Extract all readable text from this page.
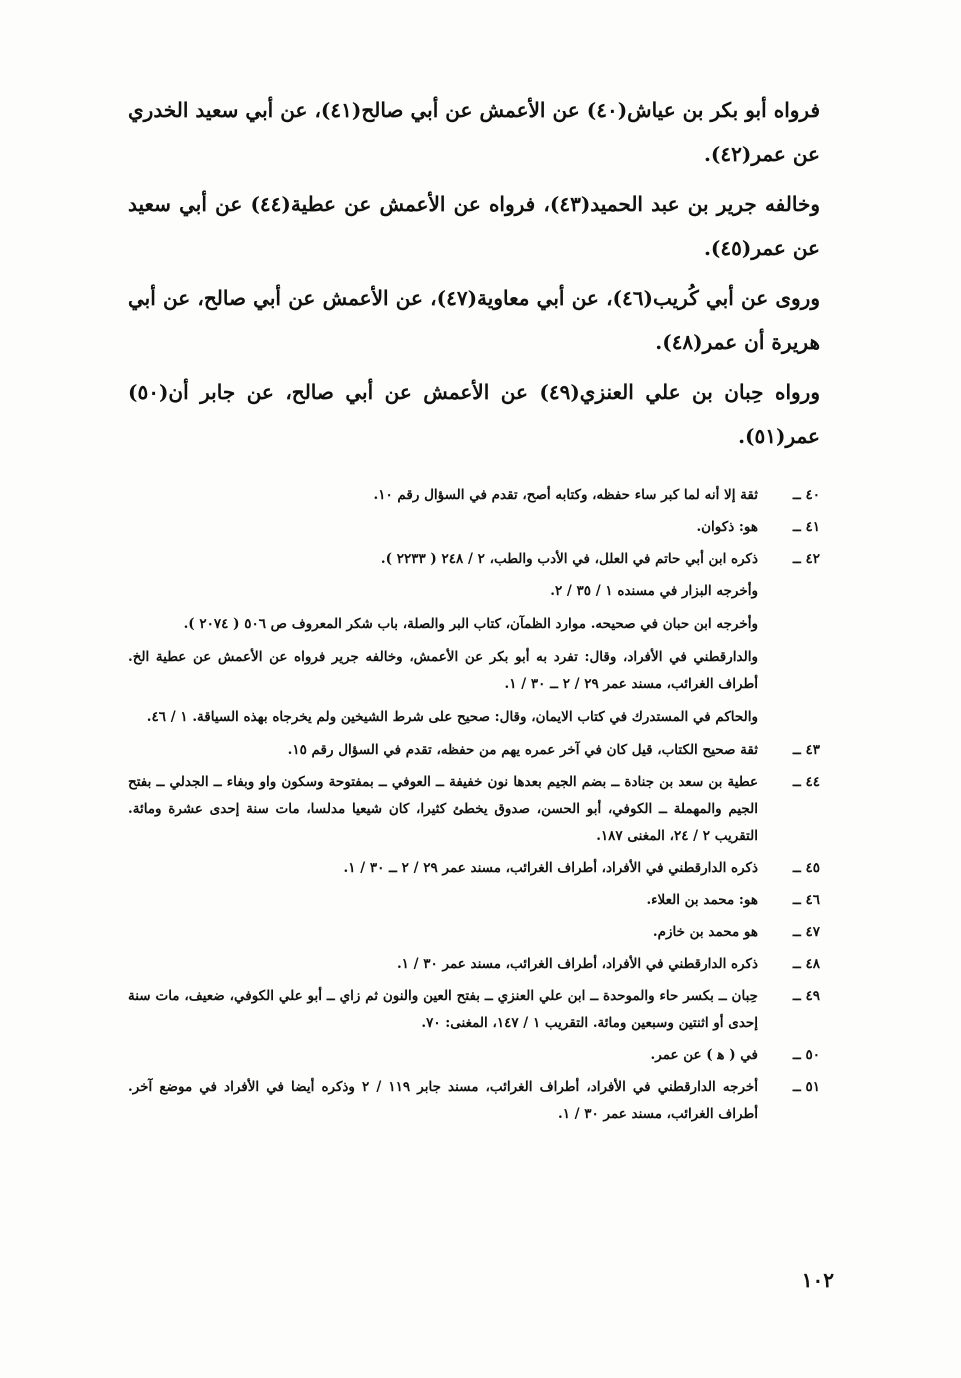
فرواه أبو بكر بن عياش(٤٠) عن الأعمش عن أبي صالح(٤١)، عن أبي سعيد الخدري عن عمر(٤٢).

وخالفه جرير بن عبد الحميد(٤٣)، فرواه عن الأعمش عن عطية(٤٤) عن أبي سعيد عن عمر(٤٥).

وروى عن أبي كُريب(٤٦)، عن أبي معاوية(٤٧)، عن الأعمش عن أبي صالح، عن أبي هريرة أن عمر(٤٨).

ورواه حِبان بن علي العنزي(٤٩) عن الأعمش عن أبي صالح، عن جابر أن(٥٠) عمر(٥١).

٤٠ ــ
ثقة إلا أنه لما كبر ساء حفظه، وكتابه أصح، تقدم في السؤال رقم ١٠.
٤١ ــ
هو: ذكوان.
٤٢ ــ
ذكره ابن أبي حاتم في العلل، في الأدب والطب، ٢ / ٢٤٨ ( ٢٢٣٣ ).
وأخرجه البزار في مسنده ١ / ٣٥ / ٢.
وأخرجه ابن حبان في صحيحه. موارد الظمآن، كتاب البر والصلة، باب شكر المعروف ص ٥٠٦ ( ٢٠٧٤ ).
والدارقطني في الأفراد، وقال: تفرد به أبو بكر عن الأعمش، وخالفه جرير فرواه عن الأعمش عن عطية الخ. أطراف الغرائب، مسند عمر ٢٩ / ٢ ــ ٣٠ / ١.
والحاكم في المستدرك في كتاب الايمان، وقال: صحيح على شرط الشيخين ولم يخرجاه بهذه السياقة. ١ / ٤٦.
٤٣ ــ
ثقة صحيح الكتاب، قيل كان في آخر عمره يهم من حفظه، تقدم في السؤال رقم ١٥.
٤٤ ــ
عطية بن سعد بن جنادة ــ بضم الجيم بعدها نون خفيفة ــ العوفي ــ بمفتوحة وسكون واو وبفاء ــ الجدلي ــ بفتح الجيم والمهملة ــ الكوفي، أبو الحسن، صدوق يخطئ كثيرا، كان شيعيا مدلسا، مات سنة إحدى عشرة ومائة. التقريب ٢ / ٢٤، المغنى ١٨٧.
٤٥ ــ
ذكره الدارقطني في الأفراد، أطراف الغرائب، مسند عمر ٢٩ / ٢ ــ ٣٠ / ١.
٤٦ ــ
هو: محمد بن العلاء.
٤٧ ــ
هو محمد بن خازم.
٤٨ ــ
ذكره الدارقطني في الأفراد، أطراف الغرائب، مسند عمر ٣٠ / ١.
٤٩ ــ
حِبان ــ بكسر حاء والموحدة ــ ابن علي العنزي ــ بفتح العين والنون ثم زاي ــ أبو علي الكوفي، ضعيف، مات سنة إحدى أو اثنتين وسبعين ومائة. التقريب ١ / ١٤٧، المغنى: ٧٠.
٥٠ ــ
في ( ﻫ ) عن عمر.
٥١ ــ
أخرجه الدارقطني في الأفراد، أطراف الغرائب، مسند جابر ١١٩ / ٢ وذكره أيضا في الأفراد في موضع آخر. أطراف الغرائب، مسند عمر ٣٠ / ١.
١٠٢
